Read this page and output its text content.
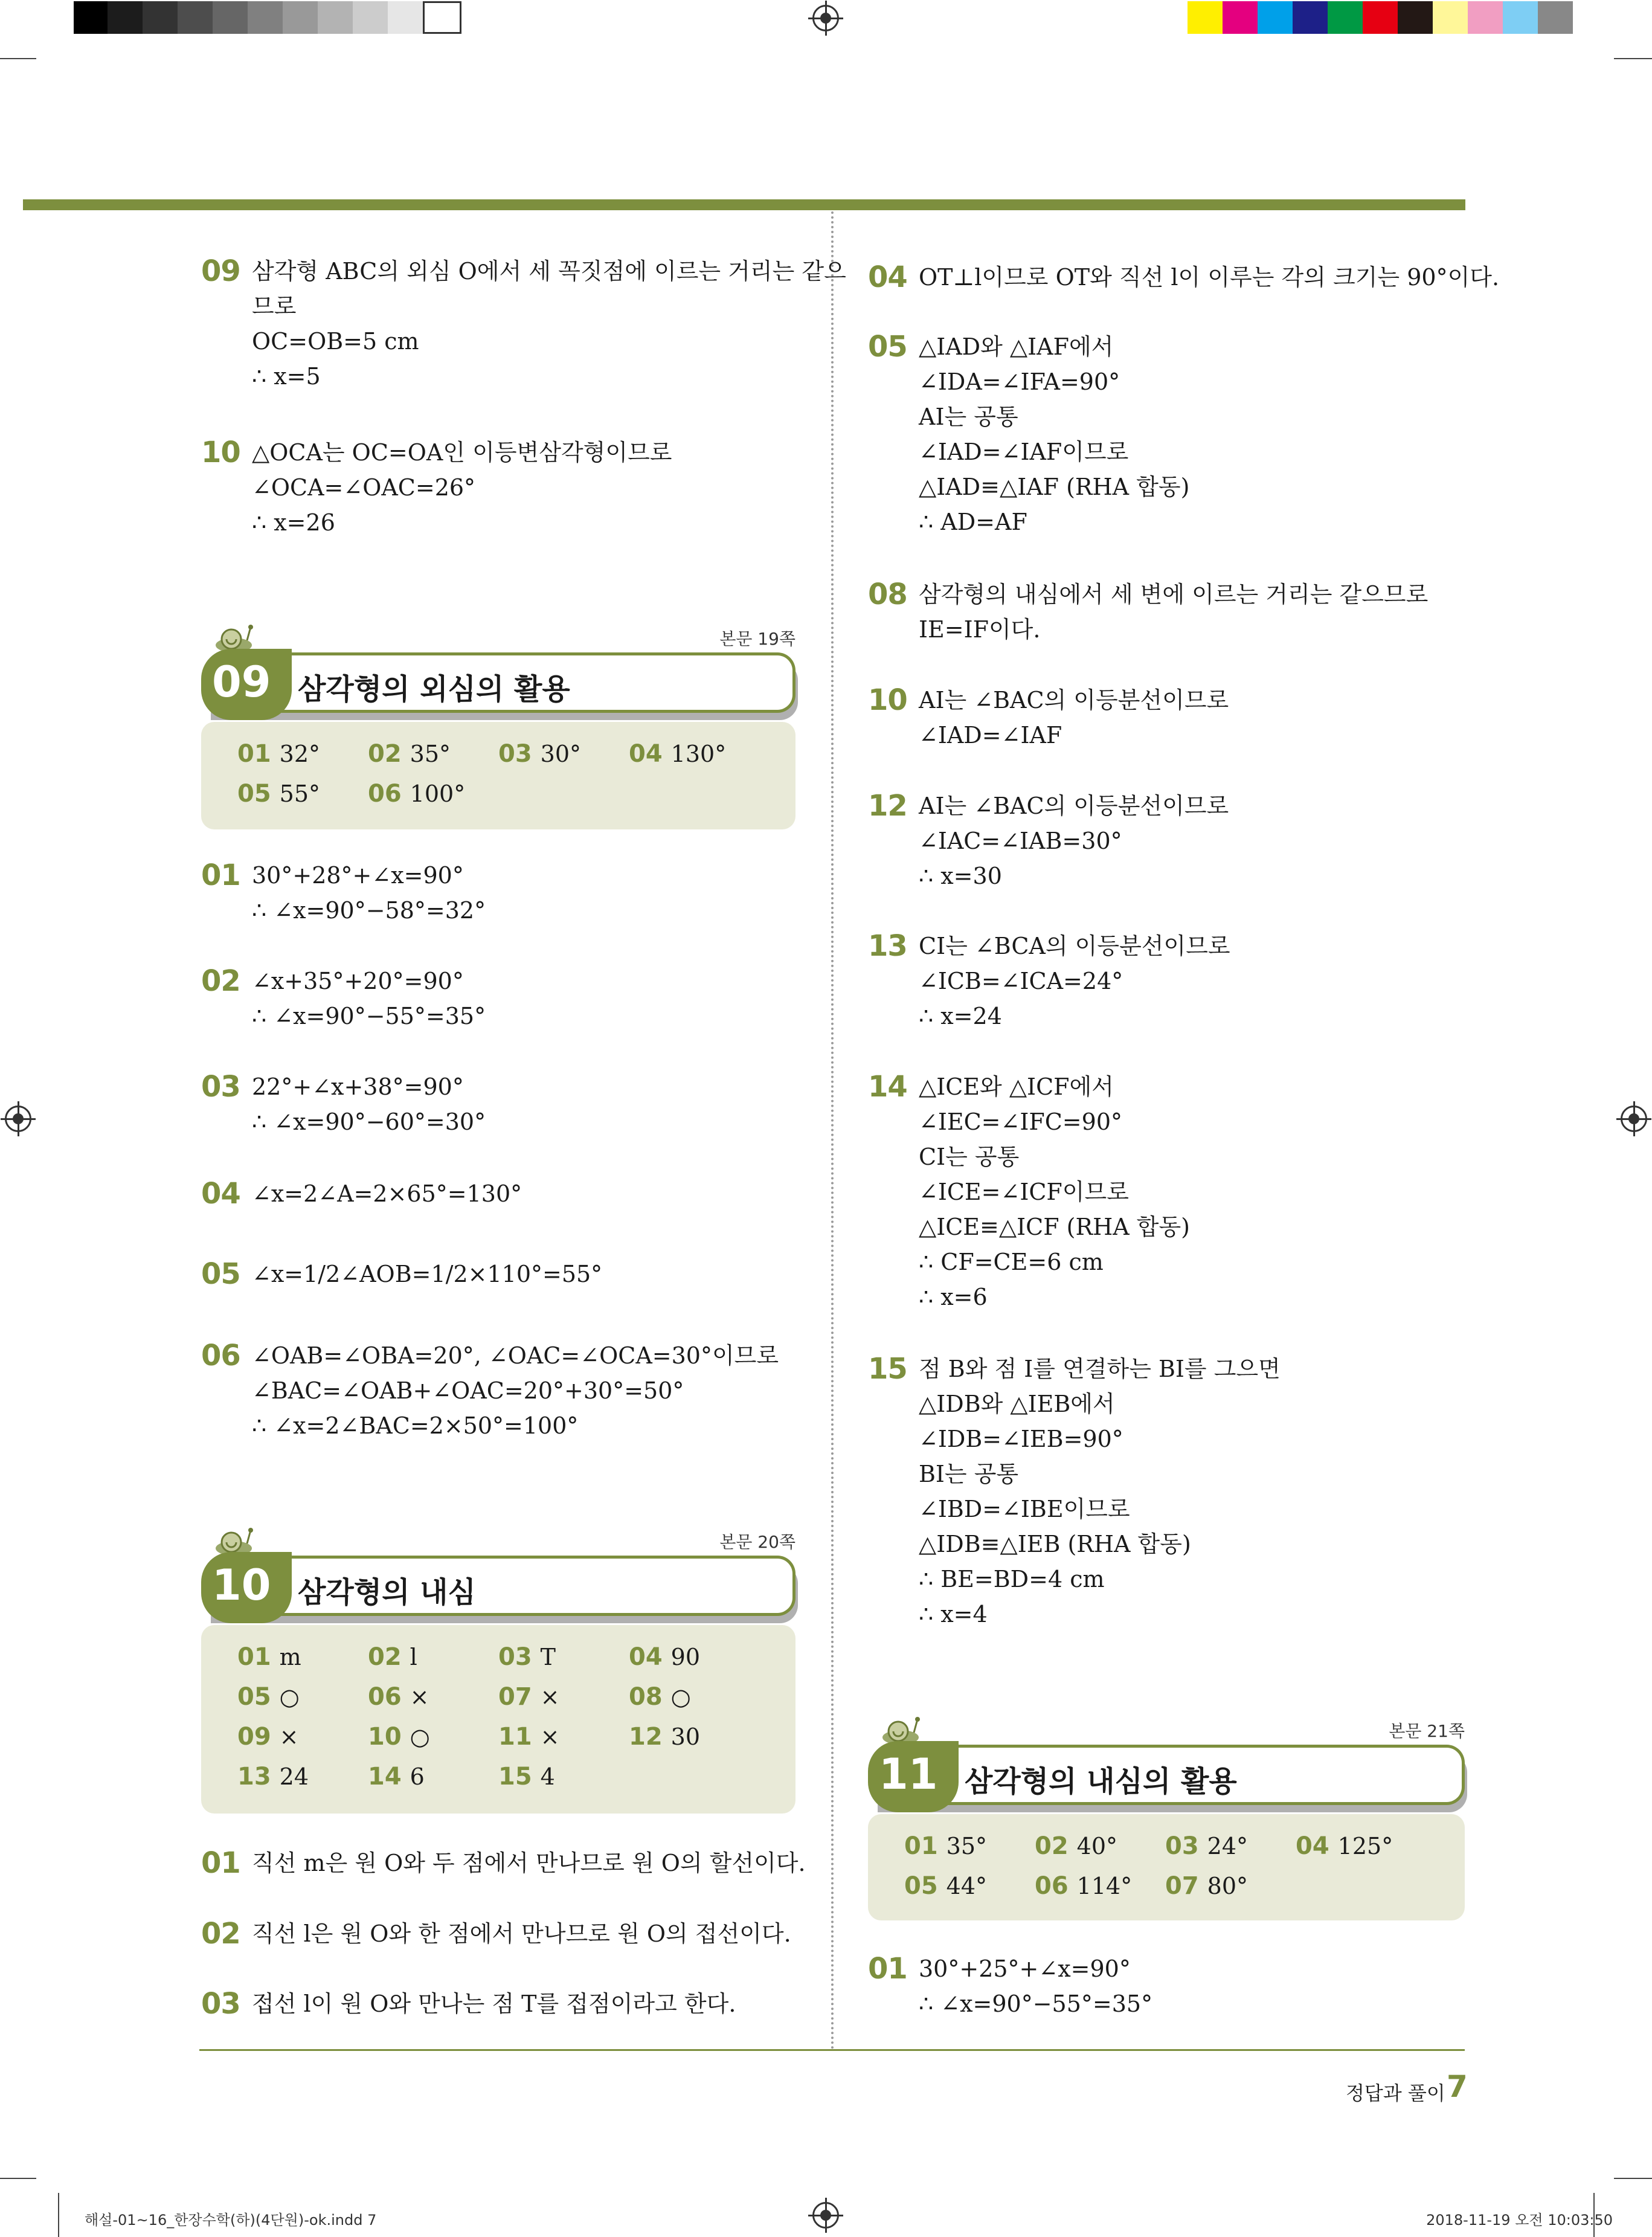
09 삼각형 ABC의 외심 O에서 세 꼭짓점에 이르는 거리는 같으
므로
OC=OB=5 cm
∴ x=5
10 △OCA는 OC=OA인 이등변삼각형이므로
∠OCA=∠OAC=26°
∴ x=26
본문 19쪽
09 삼각형의 외심의 활용
01 32° 02 35° 03 30° 04 130°
05 55° 06 100°
01 30°+28°+∠x=90°
∴ ∠x=90°−58°=32°
02 ∠x+35°+20°=90°
∴ ∠x=90°−55°=35°
03 22°+∠x+38°=90°
∴ ∠x=90°−60°=30°
04 ∠x=2∠A=2×65°=130°
05 ∠x=1/2∠AOB=1/2×110°=55°
06 ∠OAB=∠OBA=20°, ∠OAC=∠OCA=30°이므로
∠BAC=∠OAB+∠OAC=20°+30°=50°
∴ ∠x=2∠BAC=2×50°=100°
본문 20쪽
10 삼각형의 내심
01 m	02 l	03 T	04 90
05 ○	06 ×	07 ×	08 ○
09 ×	10 ○	11 ×	12 30
13 24 14 6	15 4
01 직선 m은 원 O와 두 점에서 만나므로 원 O의 할선이다.
02 직선 l은 원 O와 한 점에서 만나므로 원 O의 접선이다.
03 접선 l이 원 O와 만나는 점 T를 접점이라고 한다.
04 OT⊥l이므로 OT와 직선 l이 이루는 각의 크기는 90°이다.
05 △IAD와 △IAF에서
∠IDA=∠IFA=90°
AI는 공통
∠IAD=∠IAF이므로
△IAD≡△IAF (RHA 합동)
∴ AD=AF
08 삼각형의 내심에서 세 변에 이르는 거리는 같으므로
IE=IF이다.
10 AI는 ∠BAC의 이등분선이므로
∠IAD=∠IAF
12 AI는 ∠BAC의 이등분선이므로
∠IAC=∠IAB=30°
∴ x=30
13 CI는 ∠BCA의 이등분선이므로
∠ICB=∠ICA=24°
∴ x=24
14 △ICE와 △ICF에서
∠IEC=∠IFC=90°
CI는 공통
∠ICE=∠ICF이므로
△ICE≡△ICF (RHA 합동)
∴ CF=CE=6 cm
∴ x=6
15 점 B와 점 I를 연결하는 BI를 그으면
△IDB와 △IEB에서
∠IDB=∠IEB=90°
BI는 공통
∠IBD=∠IBE이므로
△IDB≡△IEB (RHA 합동)
∴ BE=BD=4 cm
∴ x=4
본문 21쪽
11 삼각형의 내심의 활용
01 35° 02 40° 03 24° 04 125°
05 44° 06 114° 07 80°
01 30°+25°+∠x=90°
∴ ∠x=90°−55°=35°
정답과 풀이 7
해설-01~16_한장수학(하)(4단원)-ok.indd 7	2018-11-19 오전 10:03:50
